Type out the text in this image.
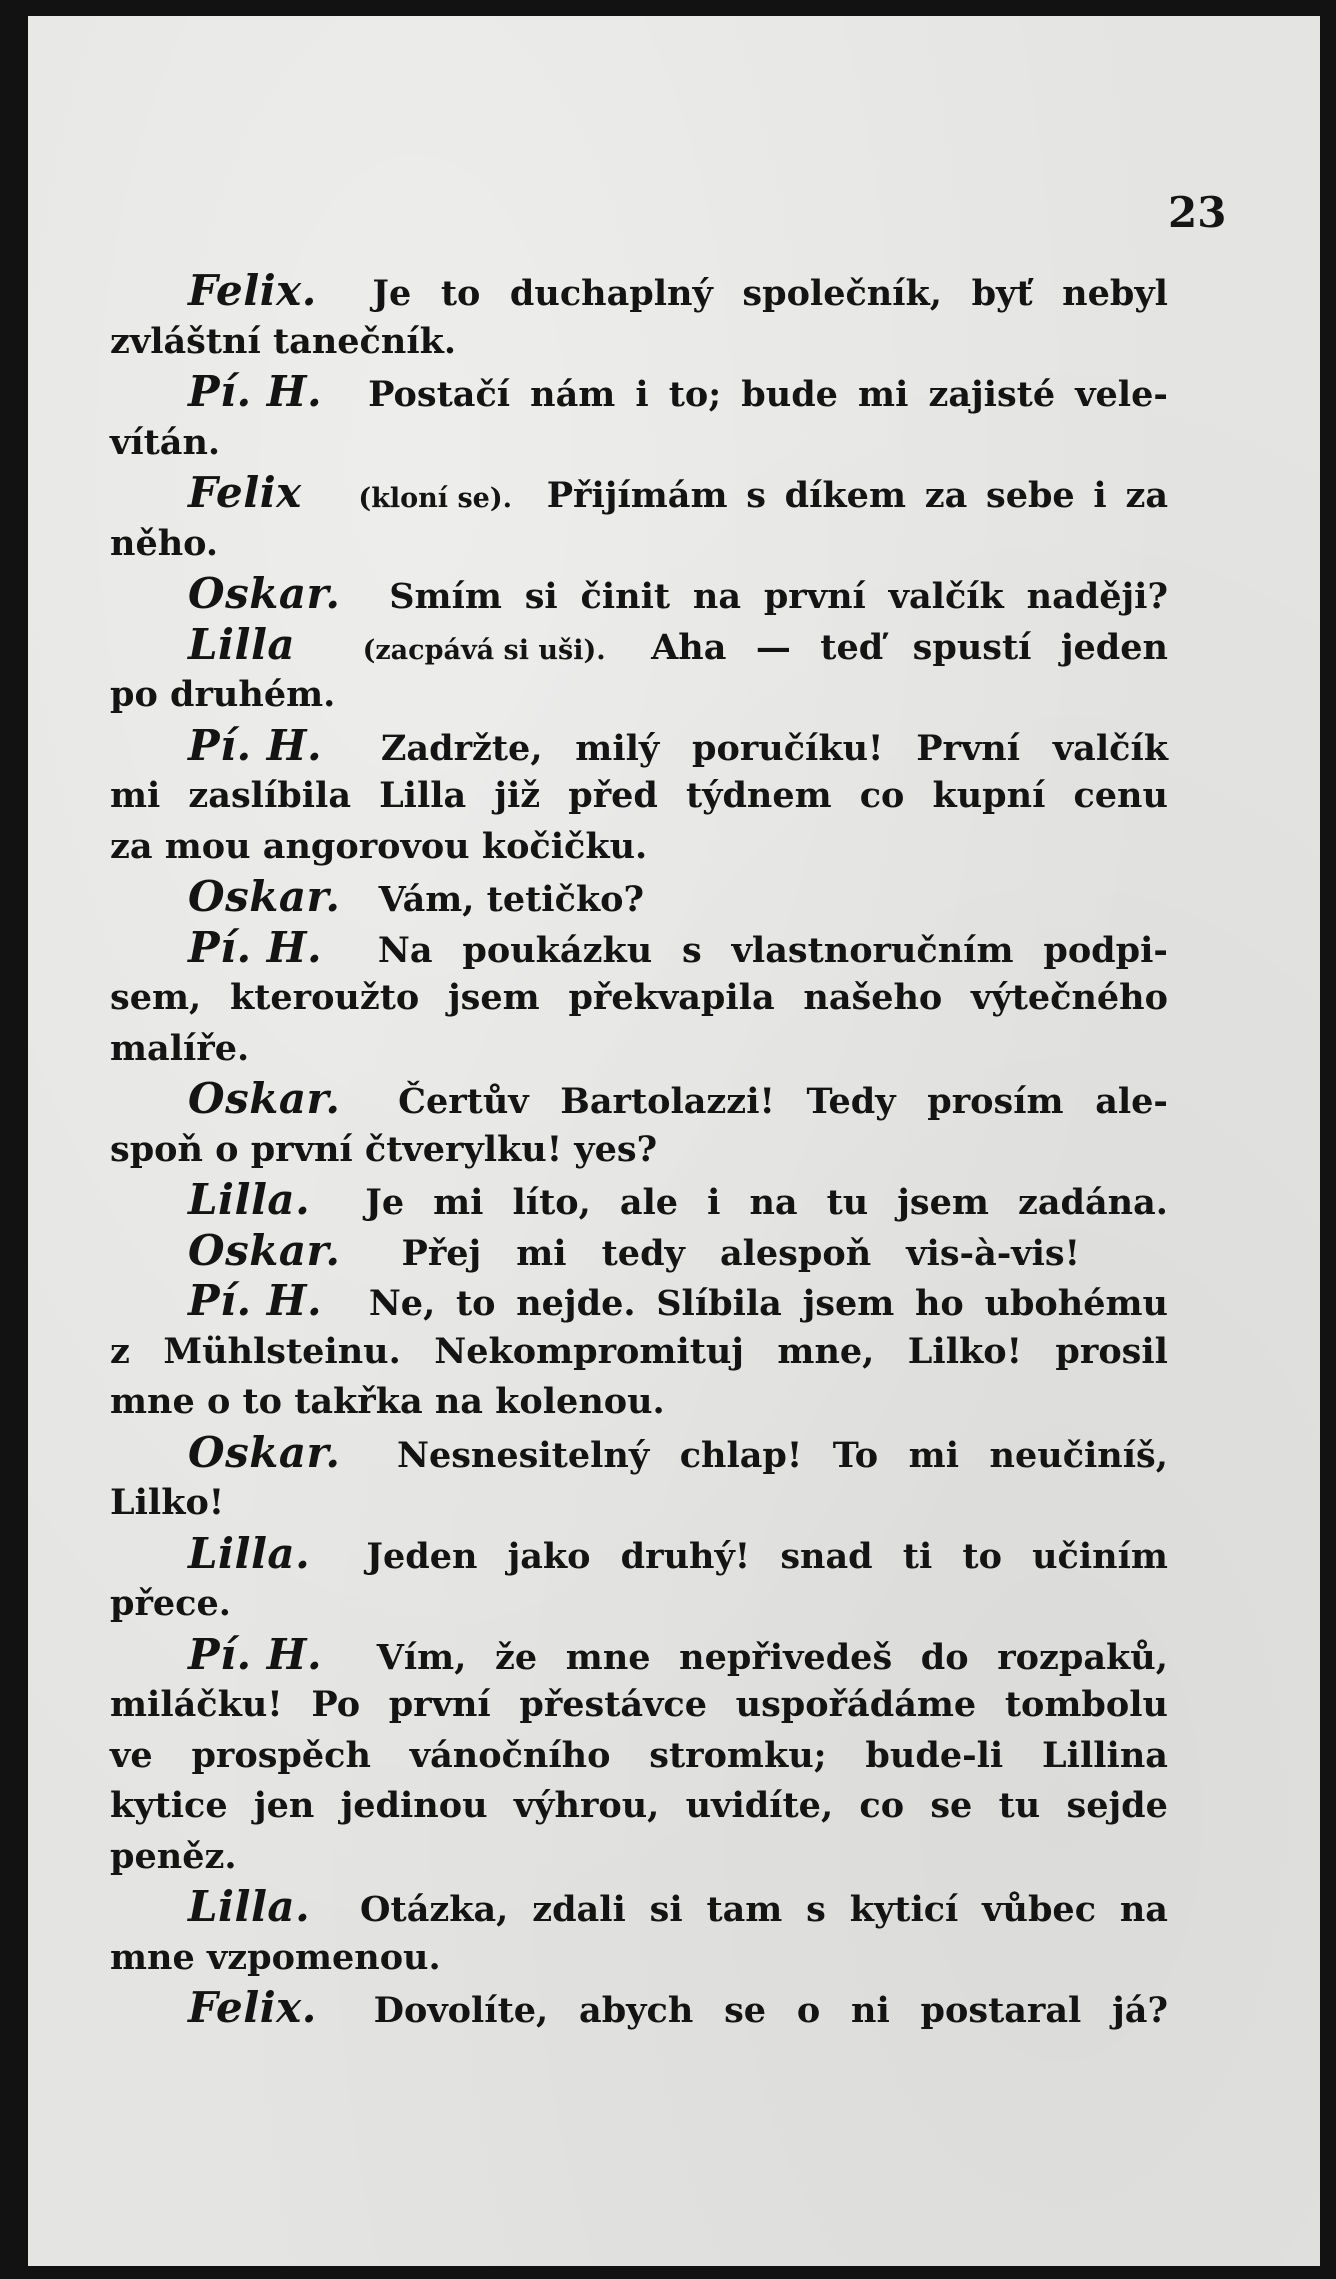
23
Felix. Je to duchaplný společník, byť nebyl
zvláštní tanečník.
Pí. H. Postačí nám i to; bude mi zajisté vele-
vítán.
Felix (kloní se). Přijímám s díkem za sebe i za
něho.
Oskar. Smím si činit na první valčík naději?
Lilla (zacpává si uši). Aha — teď spustí jeden
po druhém.
Pí. H. Zadržte, milý poručíku! První valčík
mi zaslíbila Lilla již před týdnem co kupní cenu
za mou angorovou kočičku.
Oskar. Vám, tetičko?
Pí. H. Na poukázku s vlastnoručním podpi-
sem, kteroužto jsem překvapila našeho výtečného
malíře.
Oskar. Čertův Bartolazzi! Tedy prosím ale-
spoň o první čtverylku! yes?
Lilla. Je mi líto, ale i na tu jsem zadána.
Oskar. Přej mi tedy alespoň vis-à-vis!
Pí. H. Ne, to nejde. Slíbila jsem ho ubohému
z Mühlsteinu. Nekompromituj mne, Lilko! prosil
mne o to takřka na kolenou.
Oskar. Nesnesitelný chlap! To mi neučiníš,
Lilko!
Lilla. Jeden jako druhý! snad ti to učiním
přece.
Pí. H. Vím, že mne nepřivedeš do rozpaků,
miláčku! Po první přestávce uspořádáme tombolu
ve prospěch vánočního stromku; bude-li Lillina
kytice jen jedinou výhrou, uvidíte, co se tu sejde
peněz.
Lilla. Otázka, zdali si tam s kyticí vůbec na
mne vzpomenou.
Felix. Dovolíte, abych se o ni postaral já?
